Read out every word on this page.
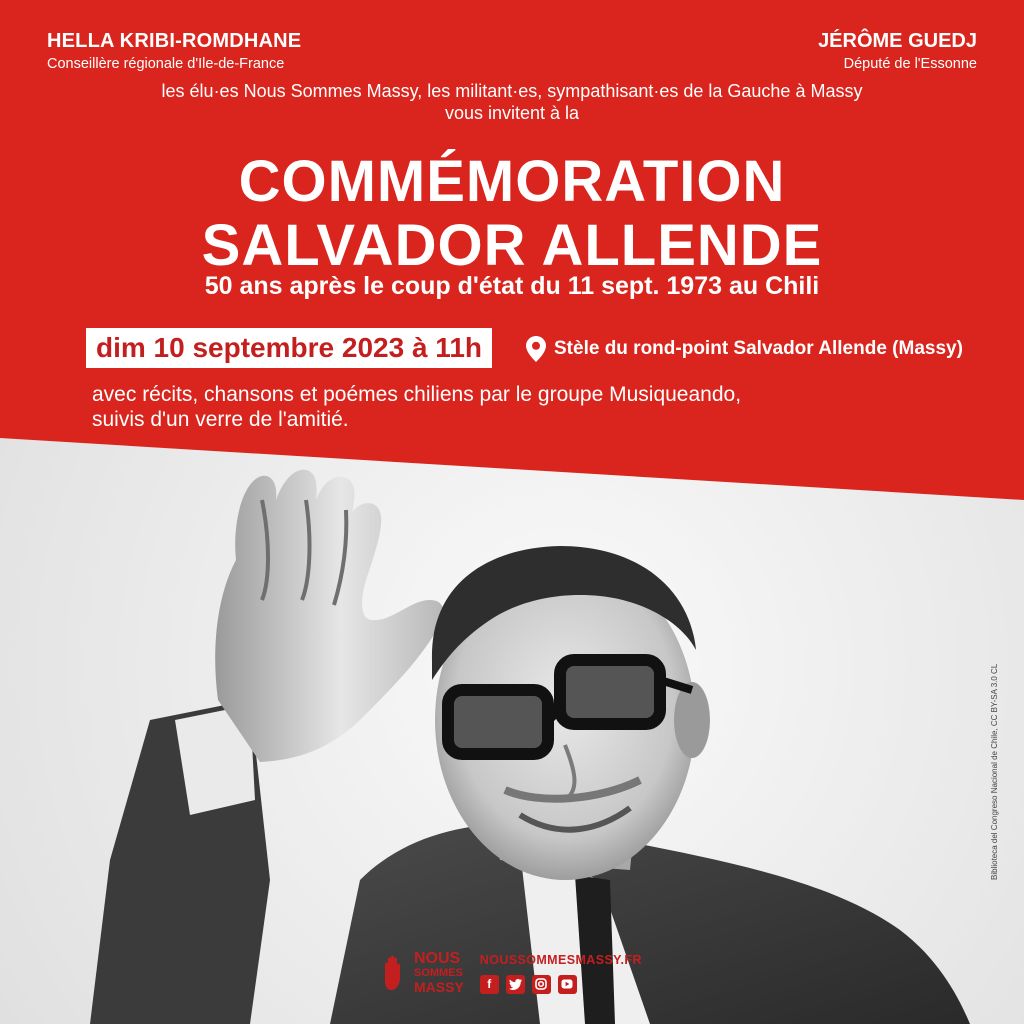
HELLA KRIBI-ROMDHANE
Conseillère régionale d'Ile-de-France
JÉRÔME GUEDJ
Député de l'Essonne
les élu·es Nous Sommes Massy, les militant·es, sympathisant·es de la Gauche à Massy
vous invitent à la
COMMÉMORATION
SALVADOR ALLENDE
50 ans après le coup d'état du 11 sept. 1973 au Chili
dim 10 septembre 2023 à 11h	Stèle du rond-point Salvador Allende (Massy)
avec récits, chansons et poémes chiliens par le groupe Musiqueando,
suivis d'un verre de l'amitié.
Biblioteca del Congreso Nacional de Chile, CC BY-SA 3.0 CL
NOUS
SOMMES
MASSY
NOUSSOMMESMASSY.FR
f
